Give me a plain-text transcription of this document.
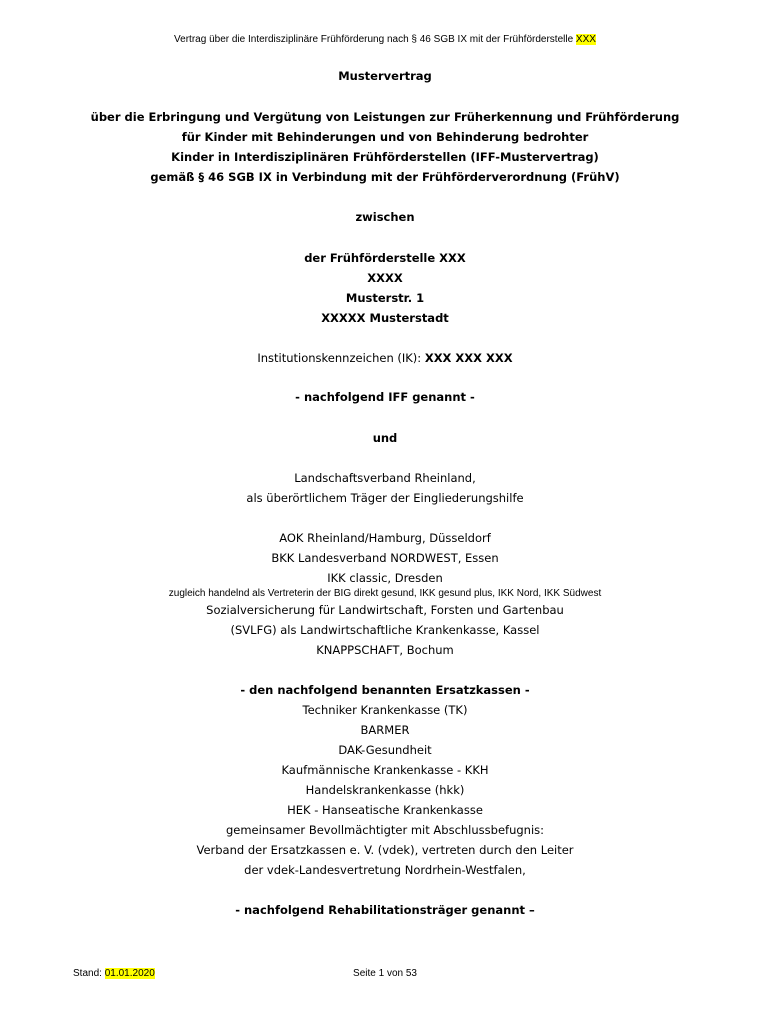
Vertrag über die Interdisziplinäre Frühförderung nach § 46 SGB IX mit der Frühförderstelle XXX
Mustervertrag
über die Erbringung und Vergütung von Leistungen zur Früherkennung und Frühförderung
für Kinder mit Behinderungen und von Behinderung bedrohter
Kinder in Interdisziplinären Frühförderstellen (IFF-Mustervertrag)
gemäß § 46 SGB IX in Verbindung mit der Frühförderverordnung (FrühV)
zwischen
der Frühförderstelle XXX
XXXX
Musterstr. 1
XXXXX Musterstadt
Institutionskennzeichen (IK): XXX XXX XXX
- nachfolgend IFF genannt -
und
Landschaftsverband Rheinland,
als überörtlichem Träger der Eingliederungshilfe
AOK Rheinland/Hamburg, Düsseldorf
BKK Landesverband NORDWEST, Essen
IKK classic, Dresden
zugleich handelnd als Vertreterin der BIG direkt gesund, IKK gesund plus, IKK Nord, IKK Südwest
Sozialversicherung für Landwirtschaft, Forsten und Gartenbau
(SVLFG) als Landwirtschaftliche Krankenkasse, Kassel
KNAPPSCHAFT, Bochum
- den nachfolgend benannten Ersatzkassen -
Techniker Krankenkasse (TK)
BARMER
DAK-Gesundheit
Kaufmännische Krankenkasse - KKH
Handelskrankenkasse (hkk)
HEK - Hanseatische Krankenkasse
gemeinsamer Bevollmächtigter mit Abschlussbefugnis:
Verband der Ersatzkassen e. V. (vdek), vertreten durch den Leiter
der vdek-Landesvertretung Nordrhein-Westfalen,
- nachfolgend Rehabilitationsträger genannt –
Stand: 01.01.2020	Seite 1 von 53
